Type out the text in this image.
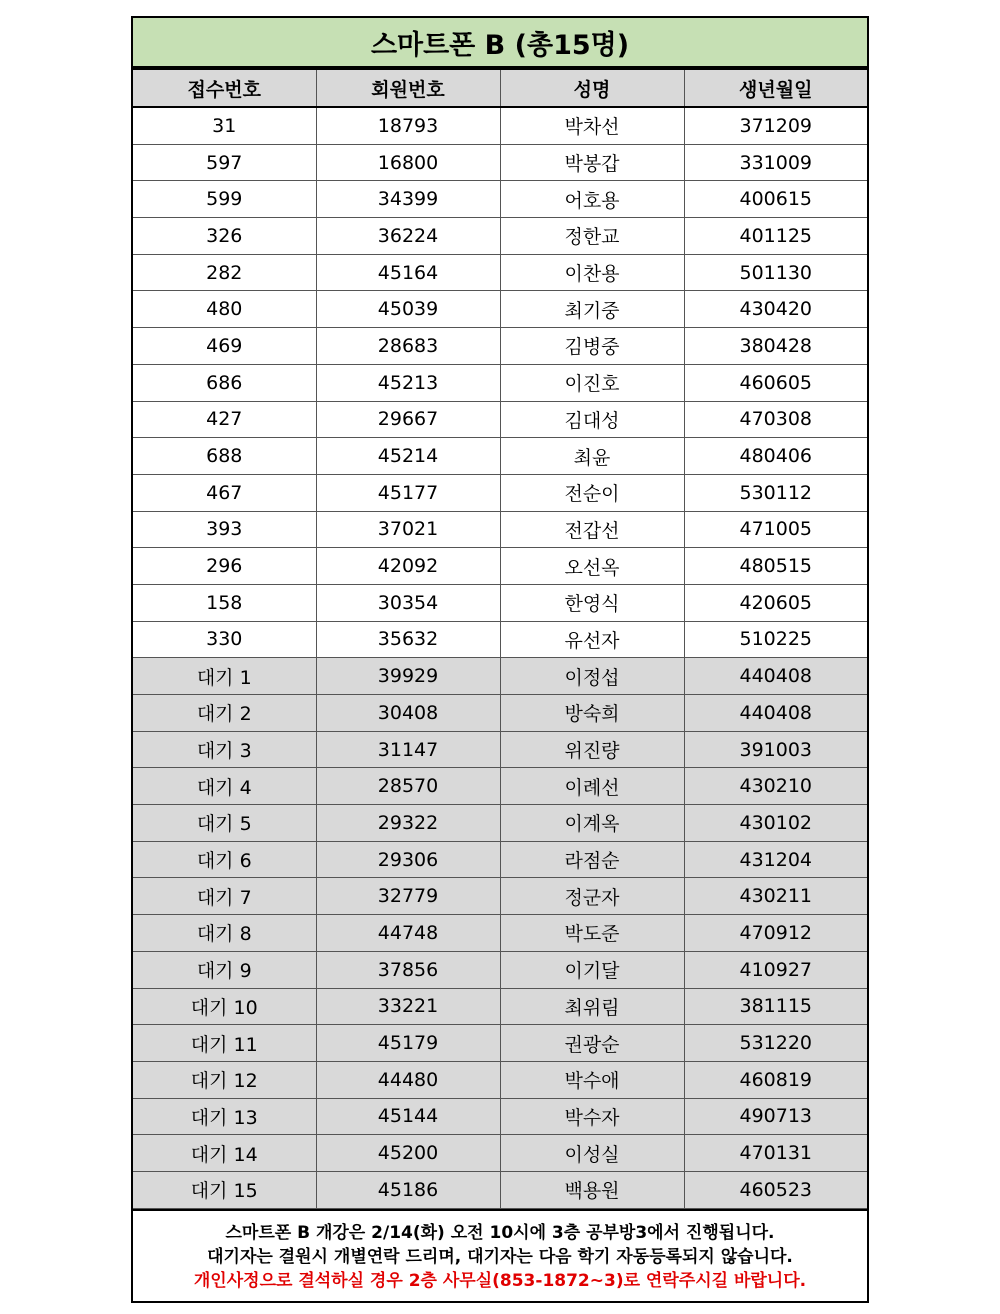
스마트폰 B (총15명)
접수번호	회원번호	성명	생년월일
31	18793	박차선	371209
597	16800	박봉갑	331009
599	34399	어호용	400615
326	36224	정한교	401125
282	45164	이찬용	501130
480	45039	최기중	430420
469	28683	김병중	380428
686	45213	이진호	460605
427	29667	김대성	470308
688	45214	최윤	480406
467	45177	전순이	530112
393	37021	전갑선	471005
296	42092	오선옥	480515
158	30354	한영식	420605
330	35632	유선자	510225
대기 1	39929	이정섭	440408
대기 2	30408	방숙희	440408
대기 3	31147	위진량	391003
대기 4	28570	이례선	430210
대기 5	29322	이계옥	430102
대기 6	29306	라점순	431204
대기 7	32779	정군자	430211
대기 8	44748	박도준	470912
대기 9	37856	이기달	410927
대기 10	33221	최위림	381115
대기 11	45179	권광순	531220
대기 12	44480	박수애	460819
대기 13	45144	박수자	490713
대기 14	45200	이성실	470131
대기 15	45186	백용원	460523
스마트폰 B 개강은 2/14(화) 오전 10시에 3층 공부방3에서 진행됩니다.
대기자는 결원시 개별연락 드리며, 대기자는 다음 학기 자동등록되지 않습니다.
개인사정으로 결석하실 경우 2층 사무실(853-1872~3)로 연락주시길 바랍니다.
